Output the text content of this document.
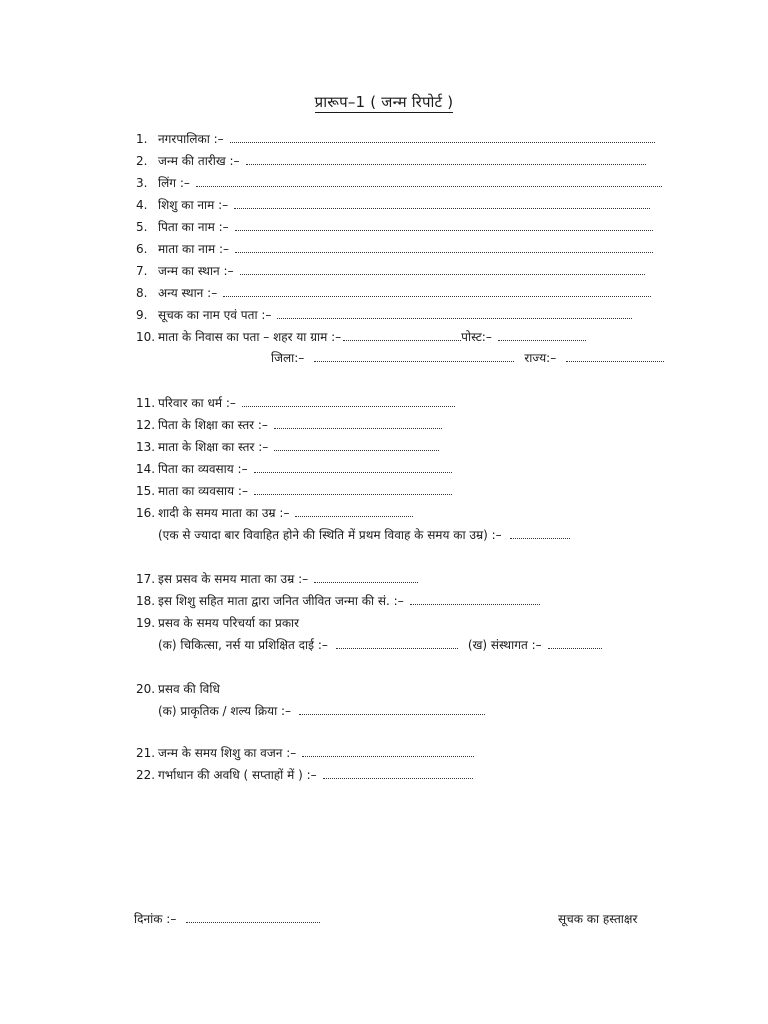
प्रारूप–1 ( जन्म रिपोर्ट )
1. नगरपालिका :–
2. जन्म की तारीख :–
3. लिंग :–
4. शिशु का नाम :–
5. पिता का नाम :–
6. माता का नाम :–
7. जन्म का स्थान :–
8. अन्य स्थान :–
9. सूचक का नाम एवं पता :–
10. माता के निवास का पता – शहर या ग्राम :–	पोस्ट:–
जिला:–	राज्य:–
11. परिवार का धर्म :–
12. पिता के शिक्षा का स्तर :–
13. माता के शिक्षा का स्तर :–
14. पिता का व्यवसाय :–
15. माता का व्यवसाय :–
16. शादी के समय माता का उम्र :–
(एक से ज्यादा बार विवाहित होने की स्थिति में प्रथम विवाह के समय का उम्र) :–
17. इस प्रसव के समय माता का उम्र :–
18. इस शिशु सहित माता द्वारा जनित जीवित जन्मा की सं. :–
19. प्रसव के समय परिचर्या का प्रकार
(क) चिकित्सा, नर्स या प्रशिक्षित दाई :–	(ख) संस्थागत :–
20. प्रसव की विधि
(क) प्राकृतिक / शल्य क्रिया :–
21. जन्म के समय शिशु का वजन :–
22. गर्भाधान की अवधि ( सप्ताहों में ) :–
दिनांक :–	सूचक का हस्ताक्षर
